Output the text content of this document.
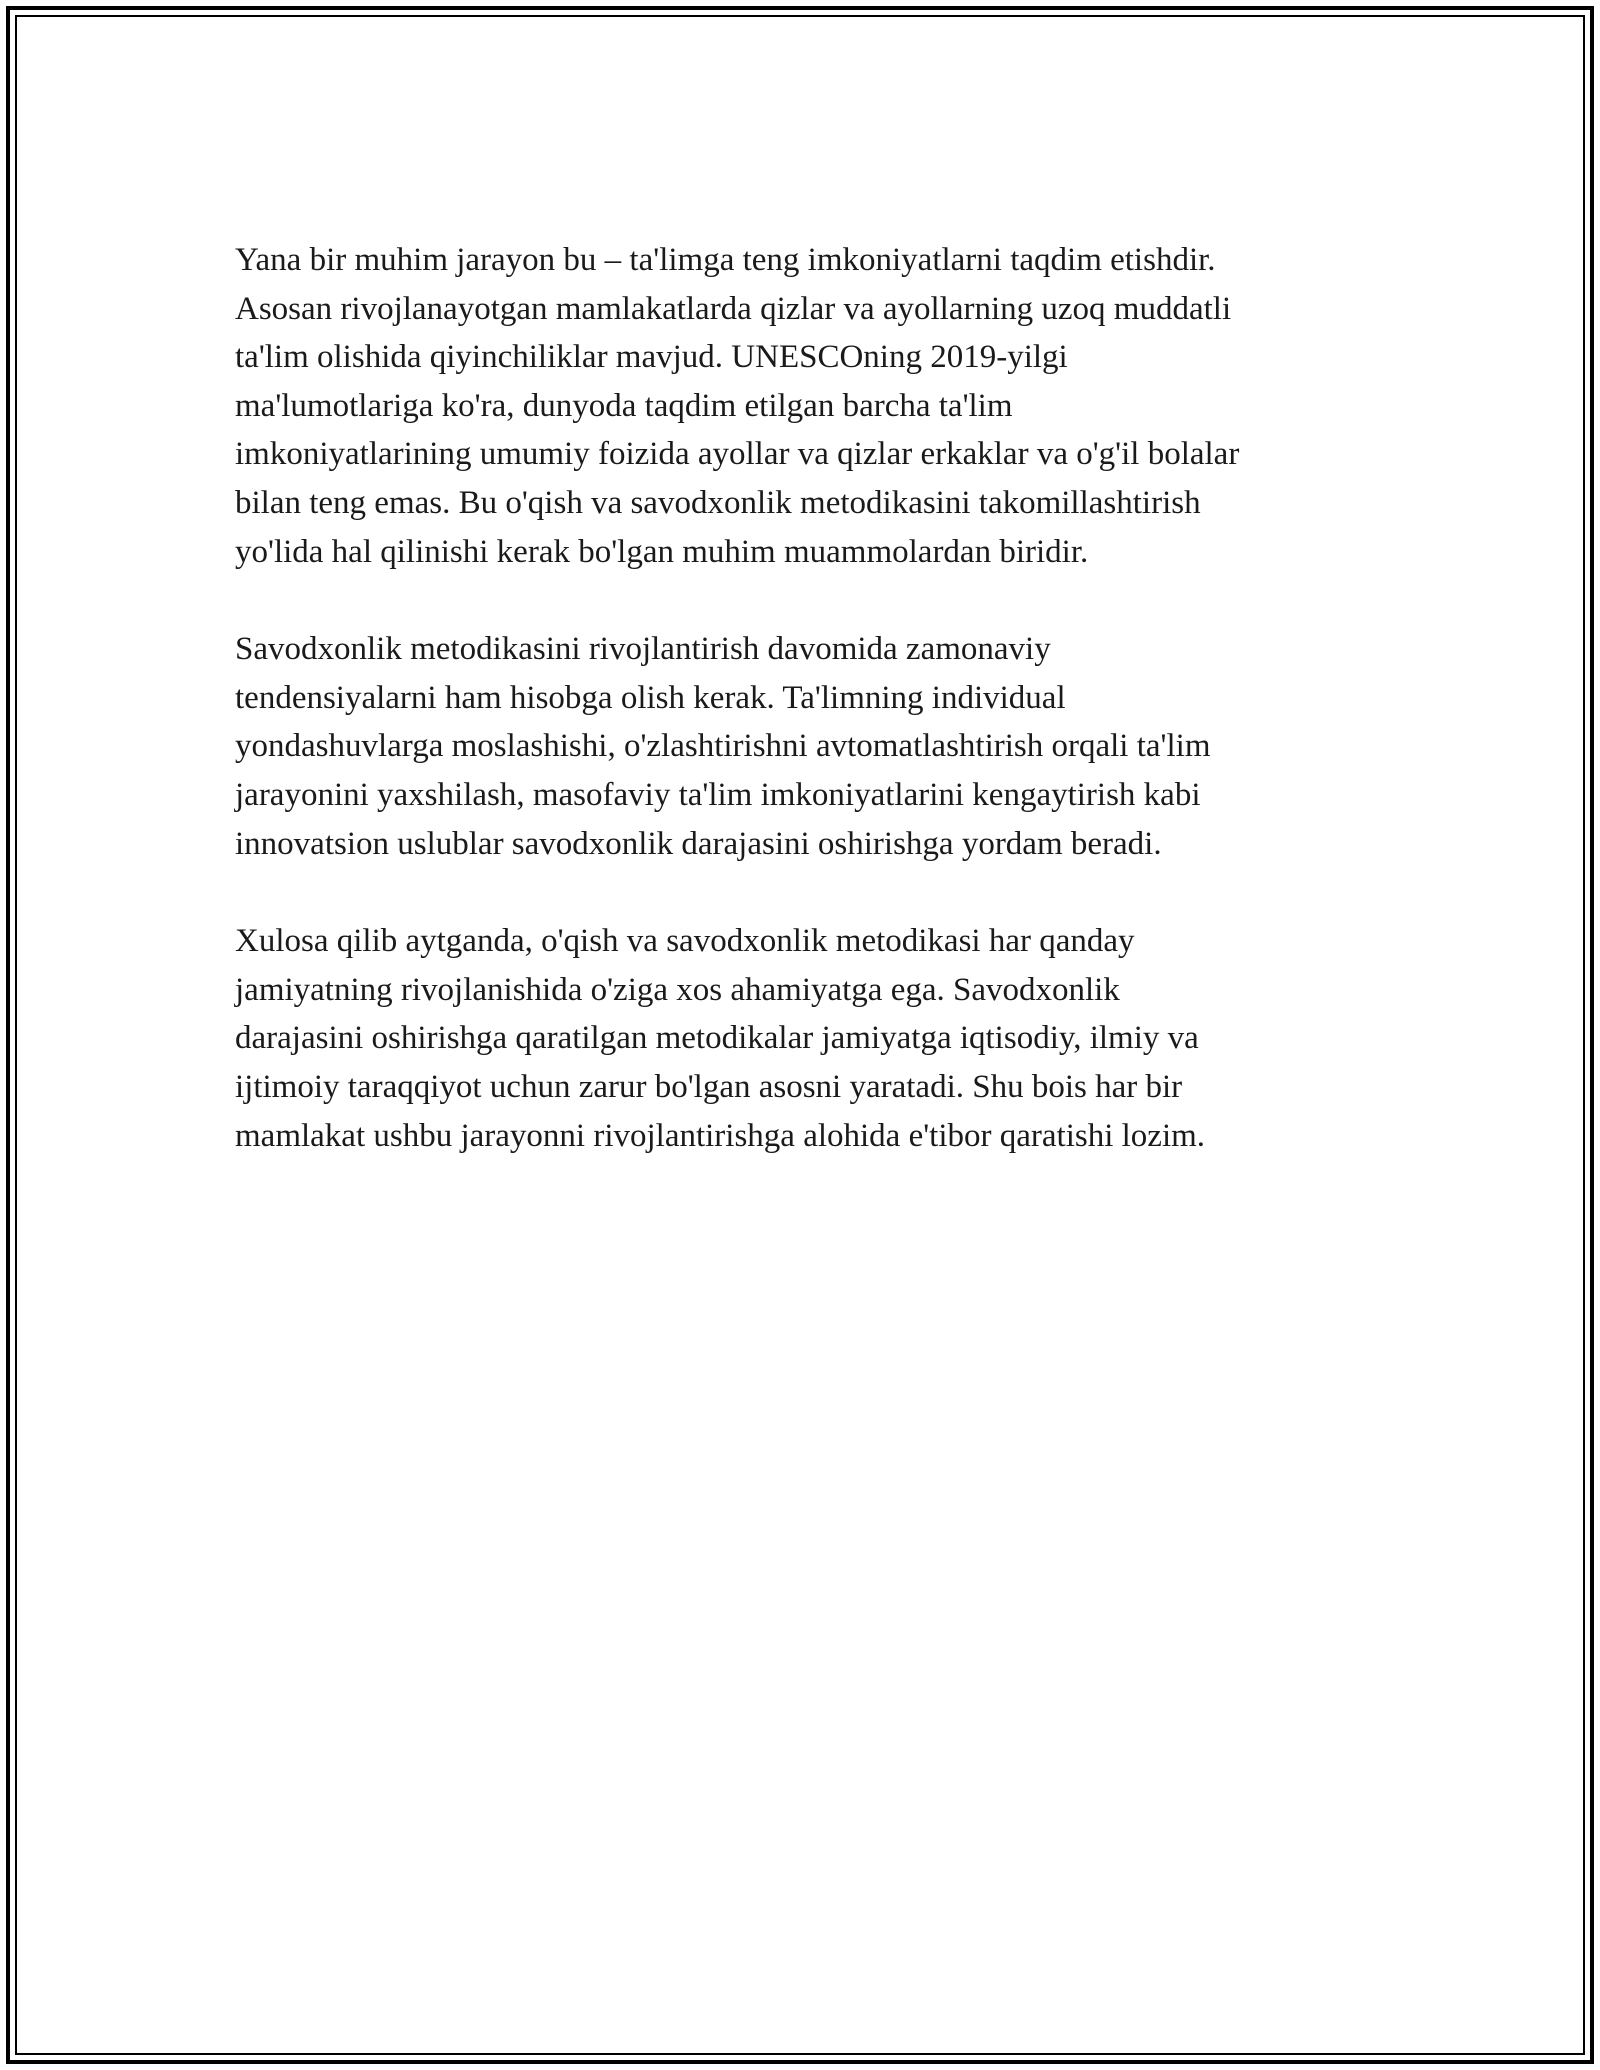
Yana bir muhim jarayon bu – ta'limga teng imkoniyatlarni taqdim etishdir.
Asosan rivojlanayotgan mamlakatlarda qizlar va ayollarning uzoq muddatli
ta'lim olishida qiyinchiliklar mavjud. UNESCOning 2019-yilgi
ma'lumotlariga ko'ra, dunyoda taqdim etilgan barcha ta'lim
imkoniyatlarining umumiy foizida ayollar va qizlar erkaklar va o'g'il bolalar
bilan teng emas. Bu o'qish va savodxonlik metodikasini takomillashtirish
yo'lida hal qilinishi kerak bo'lgan muhim muammolardan biridir.

Savodxonlik metodikasini rivojlantirish davomida zamonaviy
tendensiyalarni ham hisobga olish kerak. Ta'limning individual
yondashuvlarga moslashishi, o'zlashtirishni avtomatlashtirish orqali ta'lim
jarayonini yaxshilash, masofaviy ta'lim imkoniyatlarini kengaytirish kabi
innovatsion uslublar savodxonlik darajasini oshirishga yordam beradi.

Xulosa qilib aytganda, o'qish va savodxonlik metodikasi har qanday
jamiyatning rivojlanishida o'ziga xos ahamiyatga ega. Savodxonlik
darajasini oshirishga qaratilgan metodikalar jamiyatga iqtisodiy, ilmiy va
ijtimoiy taraqqiyot uchun zarur bo'lgan asosni yaratadi. Shu bois har bir
mamlakat ushbu jarayonni rivojlantirishga alohida e'tibor qaratishi lozim.
